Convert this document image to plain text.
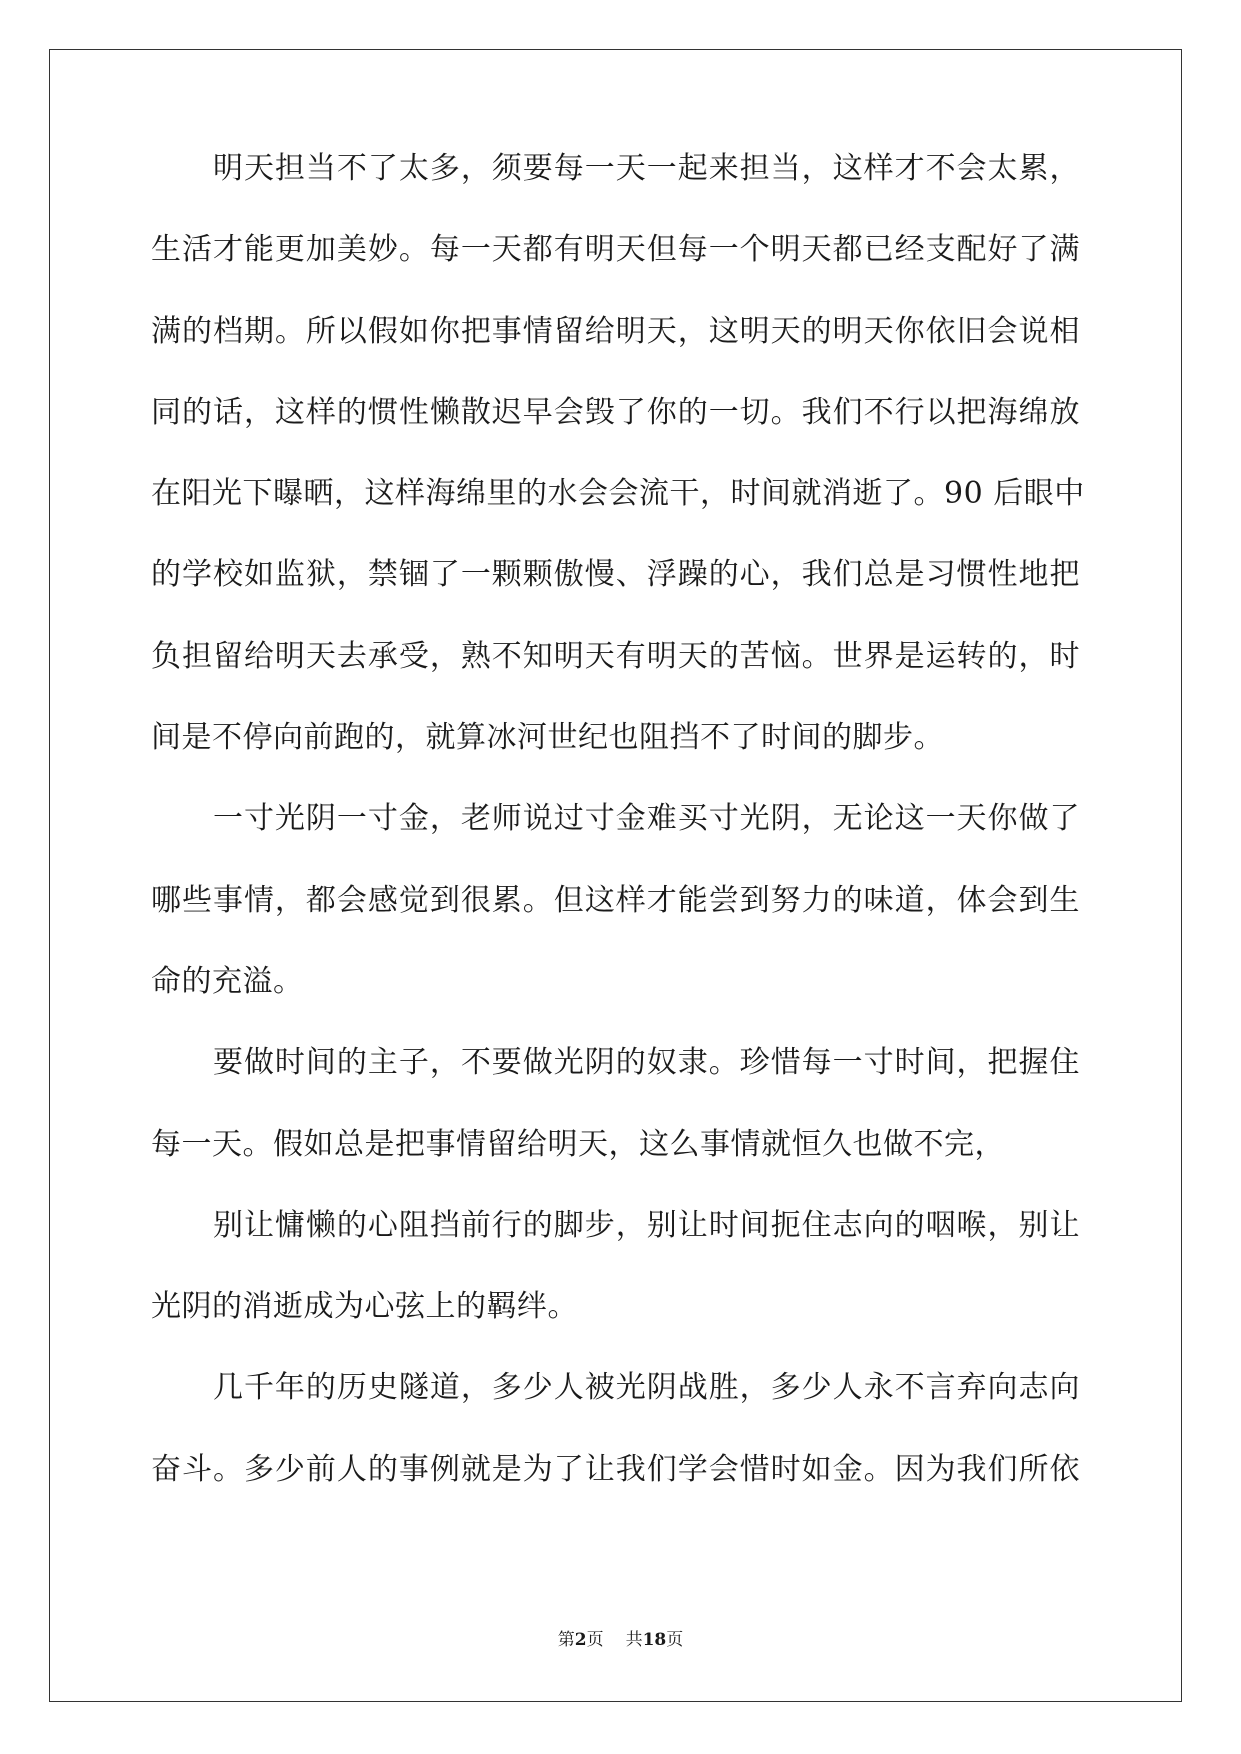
　　明天担当不了太多，须要每一天一起来担当，这样才不会太累，
生活才能更加美妙。每一天都有明天但每一个明天都已经支配好了满
满的档期。所以假如你把事情留给明天，这明天的明天你依旧会说相
同的话，这样的惯性懒散迟早会毁了你的一切。我们不行以把海绵放
在阳光下曝晒，这样海绵里的水会会流干，时间就消逝了。90 后眼中
的学校如监狱，禁锢了一颗颗傲慢、浮躁的心，我们总是习惯性地把
负担留给明天去承受，熟不知明天有明天的苦恼。世界是运转的，时
间是不停向前跑的，就算冰河世纪也阻挡不了时间的脚步。
　　一寸光阴一寸金，老师说过寸金难买寸光阴，无论这一天你做了
哪些事情，都会感觉到很累。但这样才能尝到努力的味道，体会到生
命的充溢。
　　要做时间的主子，不要做光阴的奴隶。珍惜每一寸时间，把握住
每一天。假如总是把事情留给明天，这么事情就恒久也做不完，
　　别让慵懒的心阻挡前行的脚步，别让时间扼住志向的咽喉，别让
光阴的消逝成为心弦上的羁绊。
　　几千年的历史隧道，多少人被光阴战胜，多少人永不言弃向志向
奋斗。多少前人的事例就是为了让我们学会惜时如金。因为我们所依
第2页 共18页
